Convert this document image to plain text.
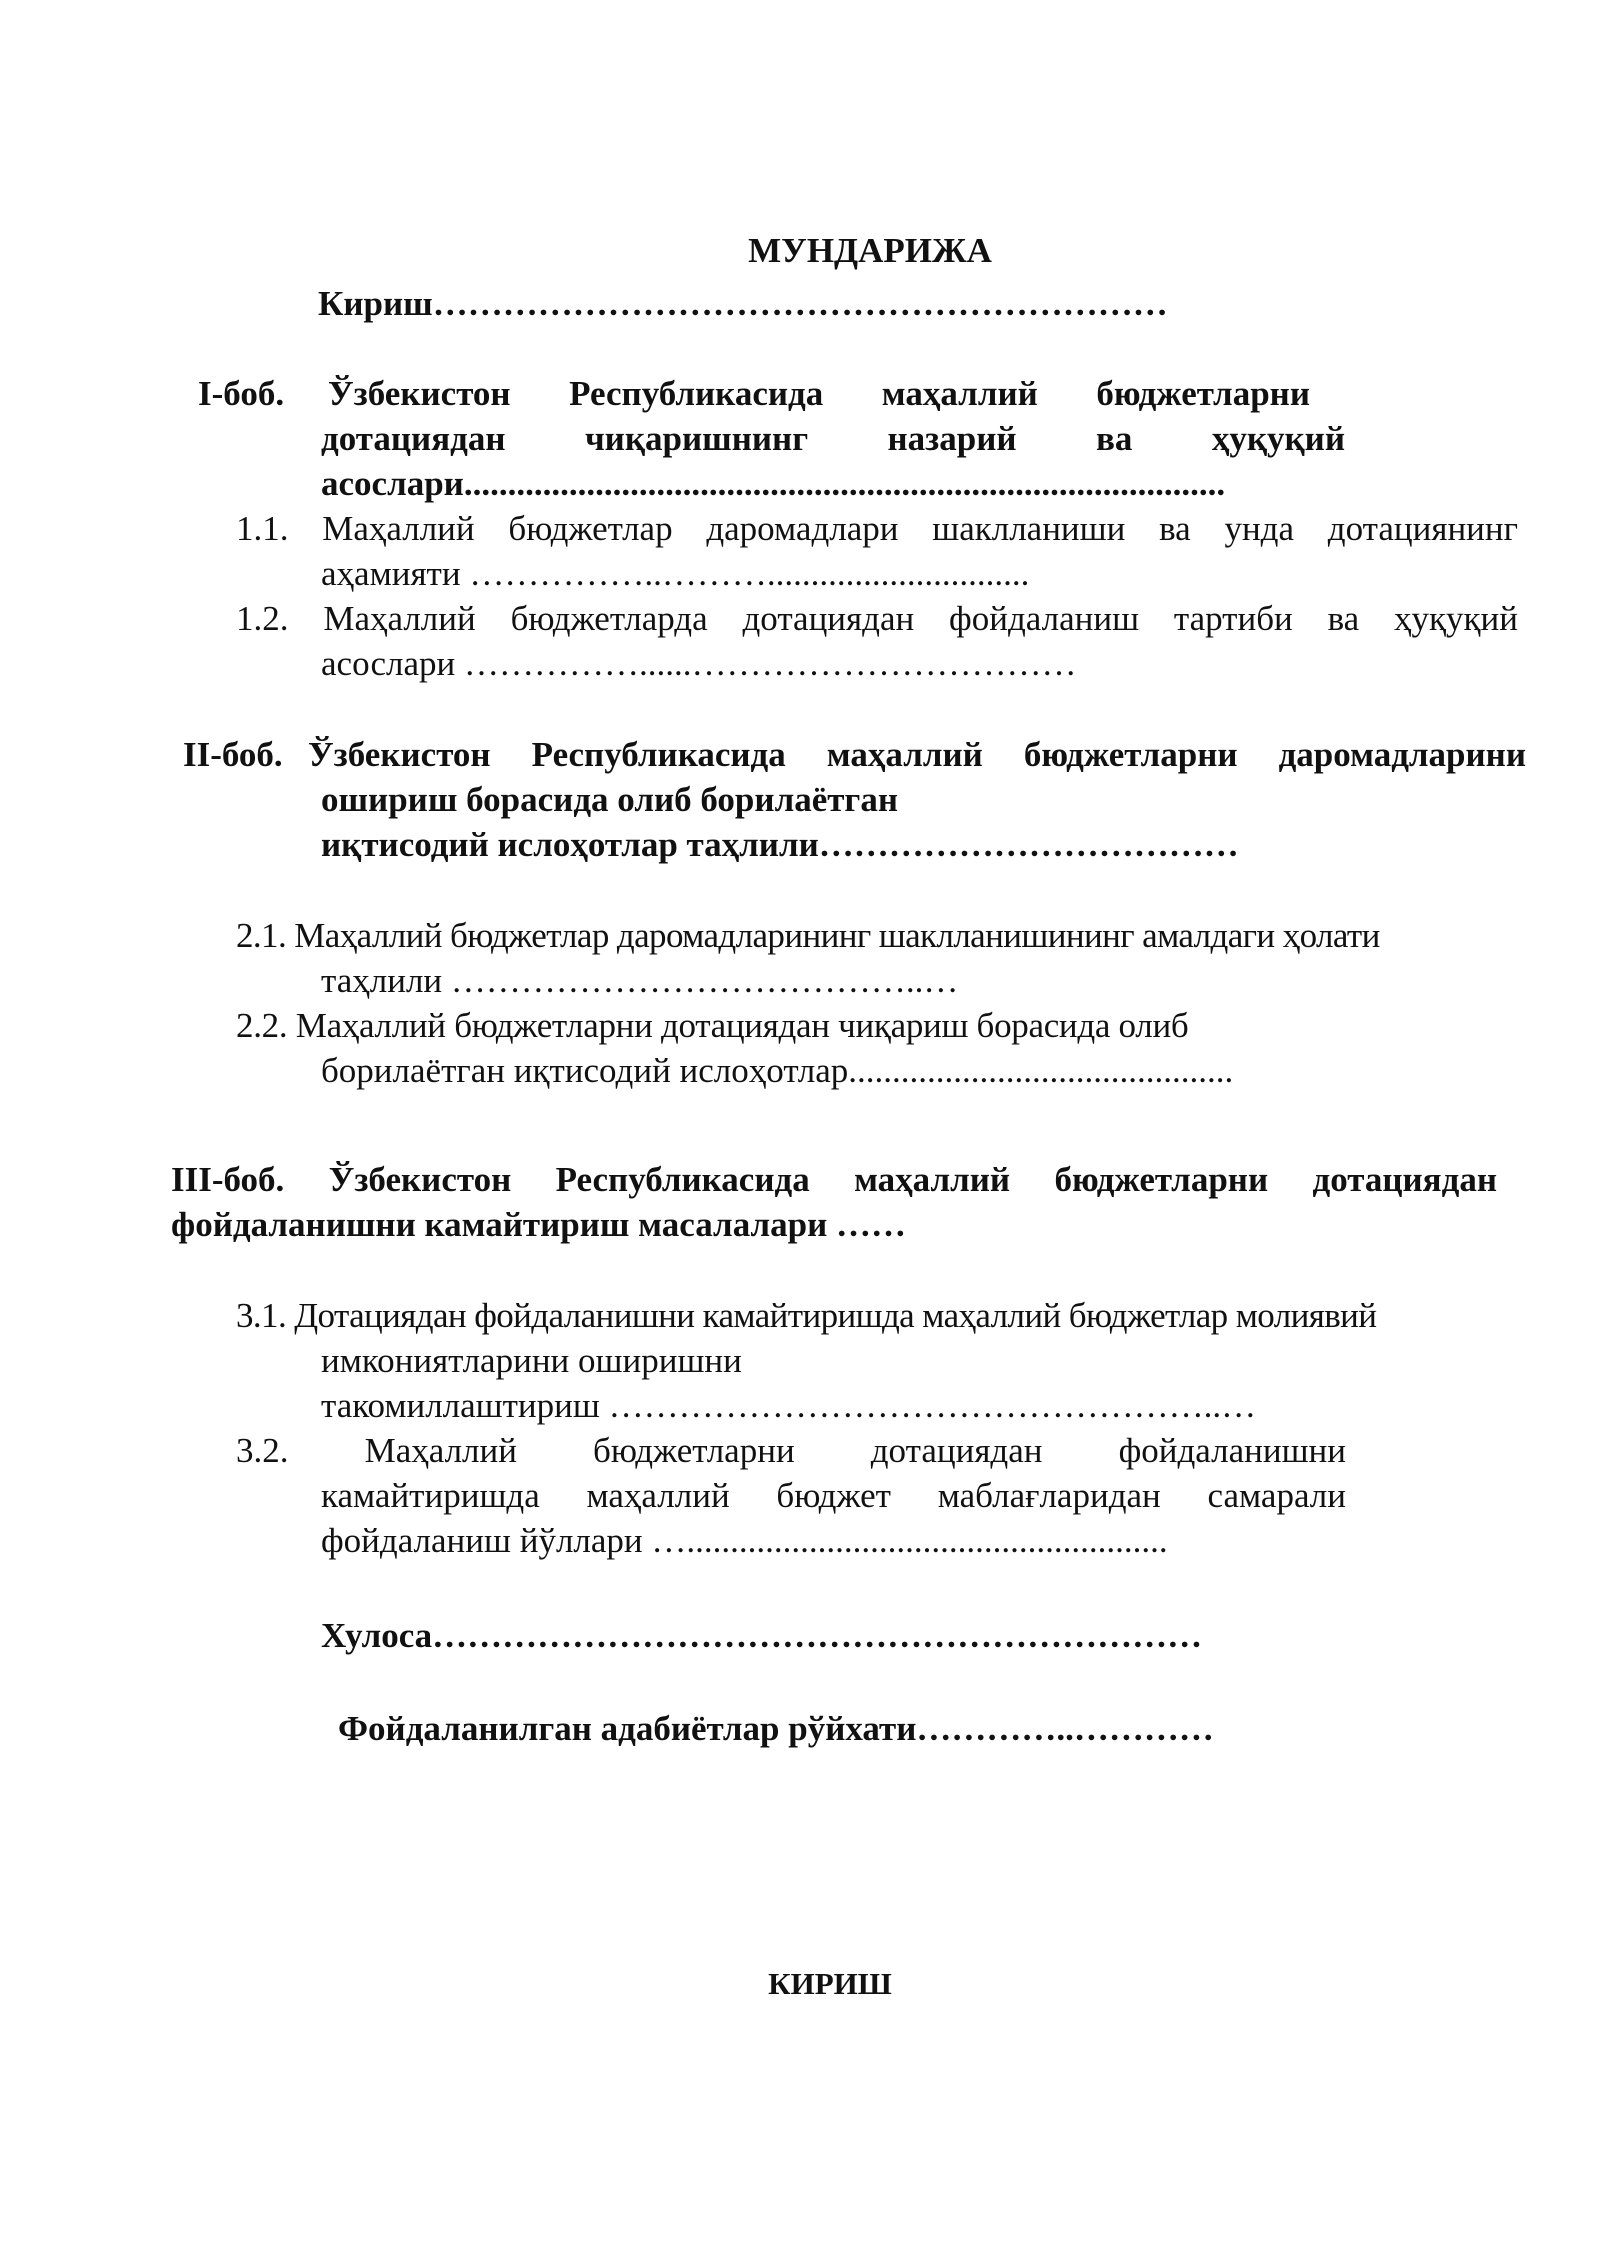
МУНДАРИЖА
Кириш………………………………………………………
I-боб. Ўзбекистон Республикасида маҳаллий бюджетларни
дотациядан чиқаришнинг назарий ва ҳуқуқий
асослари.......................................................................................
1.1. Маҳаллий бюджетлар даромадлари шаклланиши ва унда дотациянинг
аҳамияти ……………..………..............................
1.2. Маҳаллий бюджетларда дотациядан фойдаланиш тартиби ва ҳуқуқий
асослари ……………......……………………………
II-боб. Ўзбекистон Республикасида маҳаллий бюджетларни даромадларини
ошириш борасида олиб борилаётган
иқтисодий ислоҳотлар таҳлили………………………………
2.1. Маҳаллий бюджетлар даромадларининг шаклланишининг амалдаги ҳолати
таҳлили …………………………………..…
2.2. Маҳаллий бюджетларни дотациядан чиқариш борасида олиб
борилаётган иқтисодий ислоҳотлар............................................
III-боб. Ўзбекистон Республикасида маҳаллий бюджетларни дотациядан
фойдаланишни камайтириш масалалари ……
3.1. Дотациядан фойдаланишни камайтиришда маҳаллий бюджетлар молиявий
имкониятларини оширишни
такомиллаштириш ……………………………………………..…
3.2. Маҳаллий бюджетларни дотациядан фойдаланишни
камайтиришда маҳаллий бюджет маблағларидан самарали
фойдаланиш йўллари ….......................................................
Хулоса…………………………………………………………
Фойдаланилган адабиётлар рўйхати…………..…………
КИРИШ
